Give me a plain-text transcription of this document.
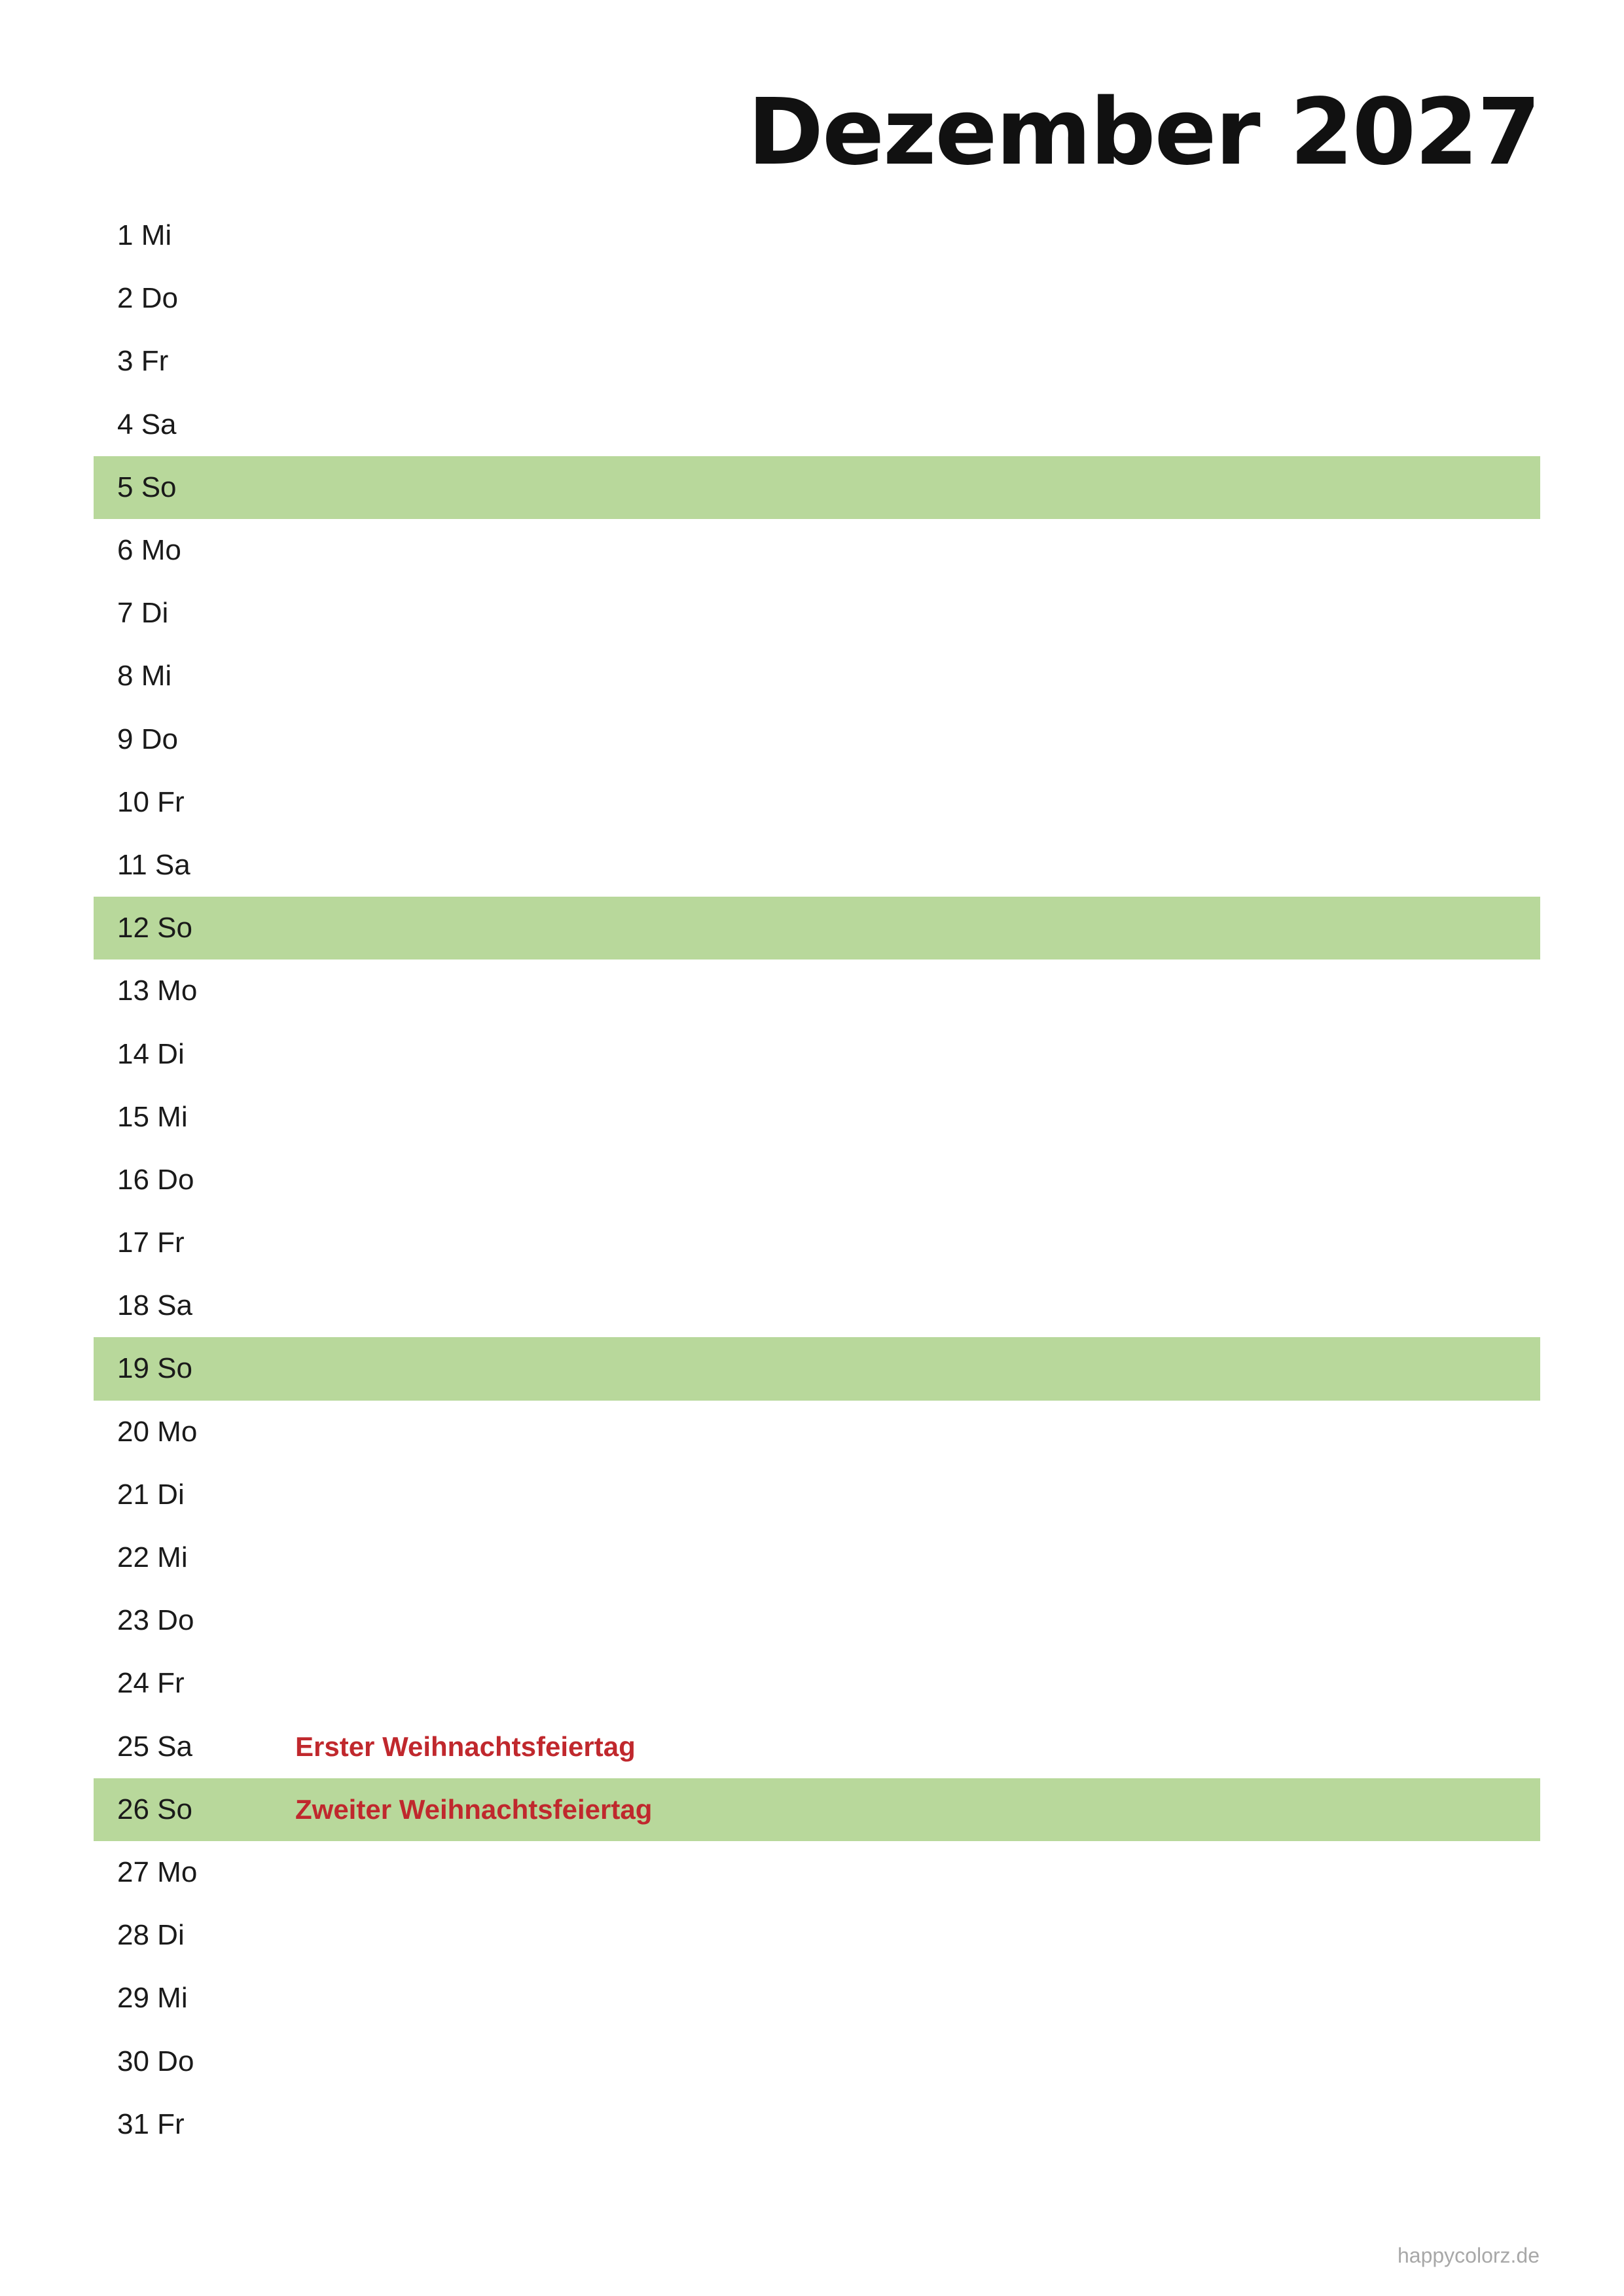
Dezember 2027
1 Mi
2 Do
3 Fr
4 Sa
5 So
6 Mo
7 Di
8 Mi
9 Do
10 Fr
11 Sa
12 So
13 Mo
14 Di
15 Mi
16 Do
17 Fr
18 Sa
19 So
20 Mo
21 Di
22 Mi
23 Do
24 Fr
25 Sa	Erster Weihnachtsfeiertag
26 So	Zweiter Weihnachtsfeiertag
27 Mo
28 Di
29 Mi
30 Do
31 Fr
happycolorz.de
